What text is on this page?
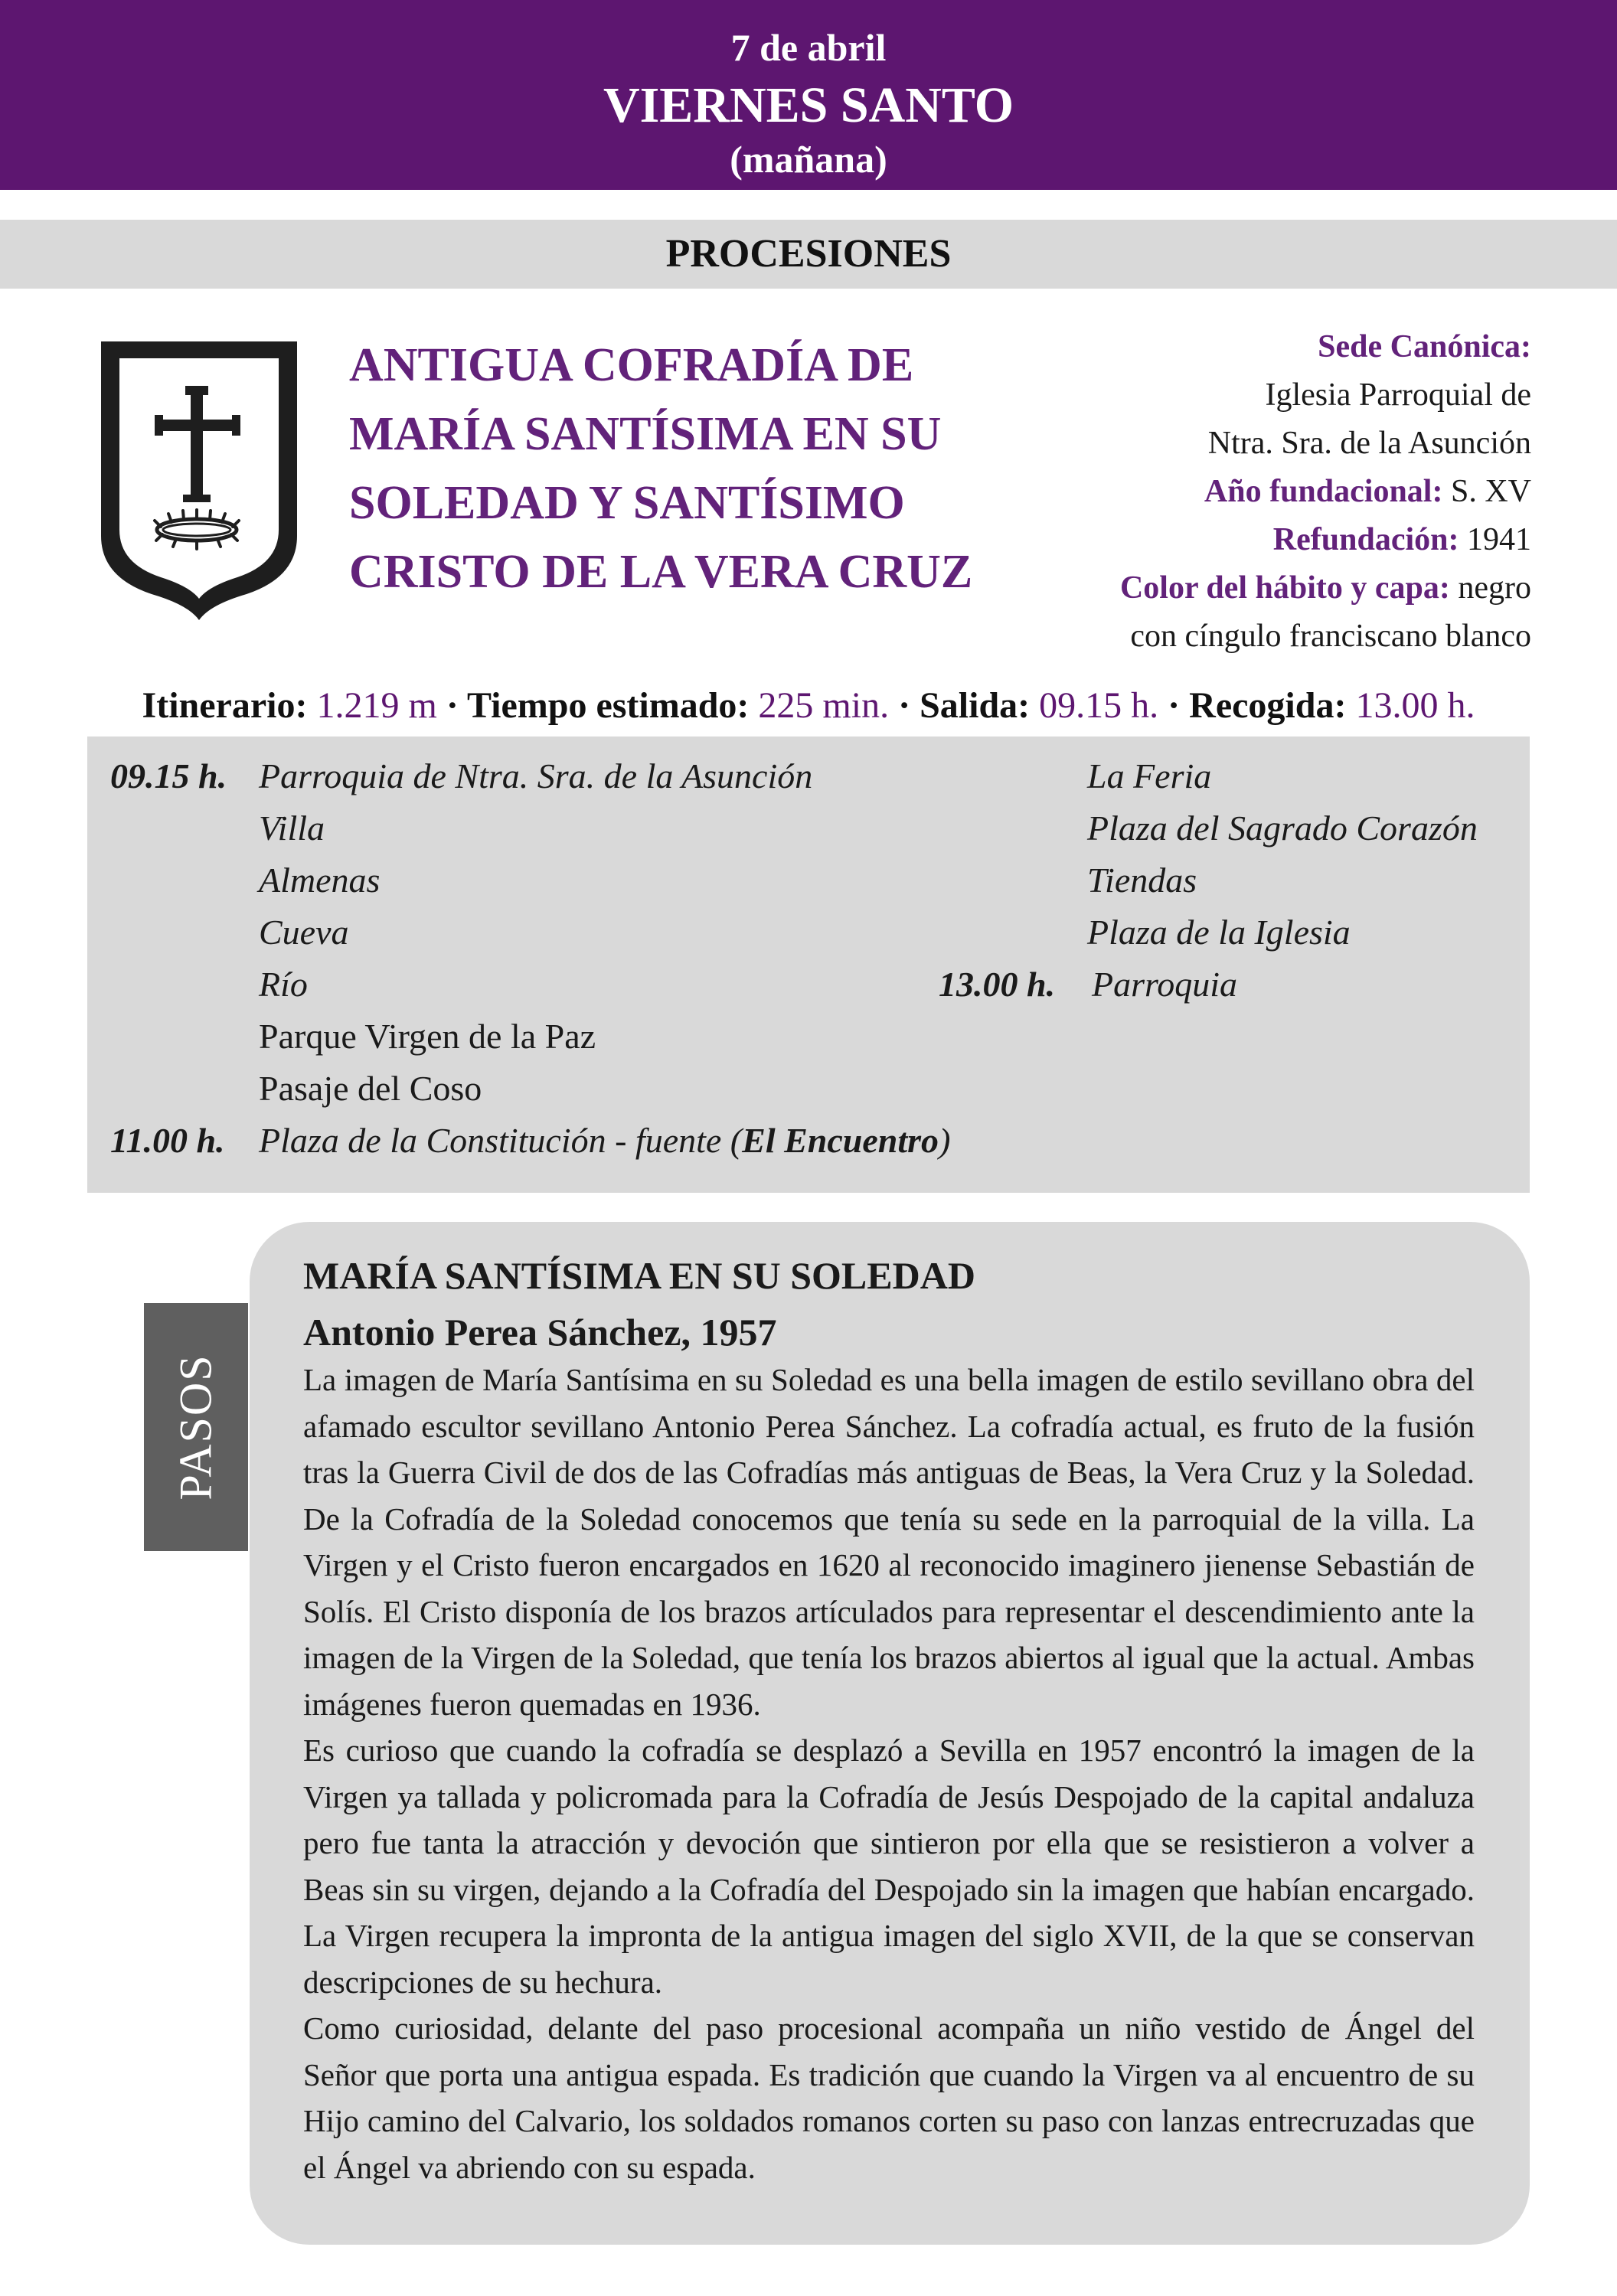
7 de abril
VIERNES SANTO
(mañana)
PROCESIONES
ANTIGUA COFRADÍA DE
MARÍA SANTÍSIMA EN SU
SOLEDAD Y SANTÍSIMO
CRISTO DE LA VERA CRUZ
Sede Canónica:
Iglesia Parroquial de
Ntra. Sra. de la Asunción
Año fundacional: S. XV
Refundación: 1941
Color del hábito y capa: negro
con cíngulo franciscano blanco
Itinerario: 1.219 m · Tiempo estimado: 225 min. · Salida: 09.15 h. · Recogida: 13.00 h.
09.15 h. Parroquia de Ntra. Sra. de la Asunción
Villa
Almenas
Cueva
Río
Parque Virgen de la Paz
Pasaje del Coso
11.00 h. Plaza de la Constitución - fuente (El Encuentro)
La Feria
Plaza del Sagrado Corazón
Tiendas
Plaza de la Iglesia
13.00 h. Parroquia
PASOS
MARÍA SANTÍSIMA EN SU SOLEDAD
Antonio Perea Sánchez, 1957

La imagen de María Santísima en su Soledad es una bella imagen de estilo sevillano obra del afamado escultor sevillano Antonio Perea Sánchez. La cofradía actual, es fruto de la fusión tras la Guerra Civil de dos de las Cofradías más antiguas de Beas, la Vera Cruz y la Soledad. De la Cofradía de la Soledad conocemos que tenía su sede en la parroquial de la villa. La Virgen y el Cristo fueron encargados en 1620 al reconocido imaginero jienense Sebastián de Solís. El Cristo disponía de los brazos artículados para representar el descendimiento ante la imagen de la Virgen de la Soledad, que tenía los brazos abiertos al igual que la actual. Ambas imágenes fueron quemadas en 1936.

Es curioso que cuando la cofradía se desplazó a Sevilla en 1957 encontró la imagen de la Virgen ya tallada y policromada para la Cofradía de Jesús Despojado de la capital andaluza pero fue tanta la atracción y devoción que sintieron por ella que se resistieron a volver a Beas sin su virgen, dejando a la Cofradía del Despojado sin la imagen que habían encargado. La Virgen recupera la impronta de la antigua imagen del siglo XVII, de la que se conservan descripciones de su hechura.

Como curiosidad, delante del paso procesional acompaña un niño vestido de Ángel del Señor que porta una antigua espada. Es tradición que cuando la Virgen va al encuentro de su Hijo camino del Calvario, los soldados romanos corten su paso con lanzas entrecruzadas que el Ángel va abriendo con su espada.
